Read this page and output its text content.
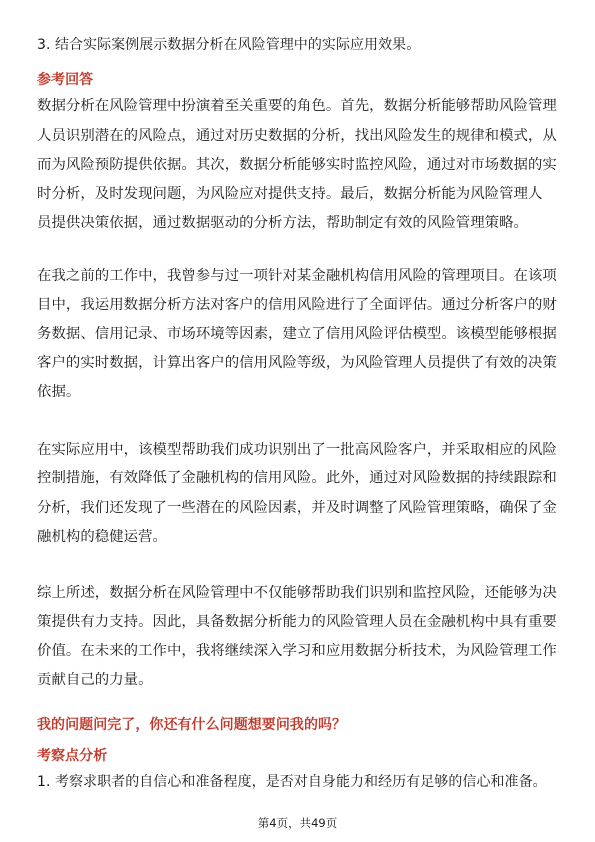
3. 结合实际案例展示数据分析在风险管理中的实际应用效果。
参考回答
数据分析在风险管理中扮演着至关重要的角色。首先，数据分析能够帮助风险管理
人员识别潜在的风险点，通过对历史数据的分析，找出风险发生的规律和模式，从
而为风险预防提供依据。其次，数据分析能够实时监控风险，通过对市场数据的实
时分析，及时发现问题，为风险应对提供支持。最后，数据分析能为风险管理人
员提供决策依据，通过数据驱动的分析方法，帮助制定有效的风险管理策略。
在我之前的工作中，我曾参与过一项针对某金融机构信用风险的管理项目。在该项
目中，我运用数据分析方法对客户的信用风险进行了全面评估。通过分析客户的财
务数据、信用记录、市场环境等因素，建立了信用风险评估模型。该模型能够根据
客户的实时数据，计算出客户的信用风险等级，为风险管理人员提供了有效的决策
依据。
在实际应用中，该模型帮助我们成功识别出了一批高风险客户，并采取相应的风险
控制措施，有效降低了金融机构的信用风险。此外，通过对风险数据的持续跟踪和
分析，我们还发现了一些潜在的风险因素，并及时调整了风险管理策略，确保了金
融机构的稳健运营。
综上所述，数据分析在风险管理中不仅能够帮助我们识别和监控风险，还能够为决
策提供有力支持。因此，具备数据分析能力的风险管理人员在金融机构中具有重要
价值。在未来的工作中，我将继续深入学习和应用数据分析技术，为风险管理工作
贡献自己的力量。
我的问题问完了，你还有什么问题想要问我的吗？
考察点分析
1. 考察求职者的自信心和准备程度，是否对自身能力和经历有足够的信心和准备。
第4页，共49页
